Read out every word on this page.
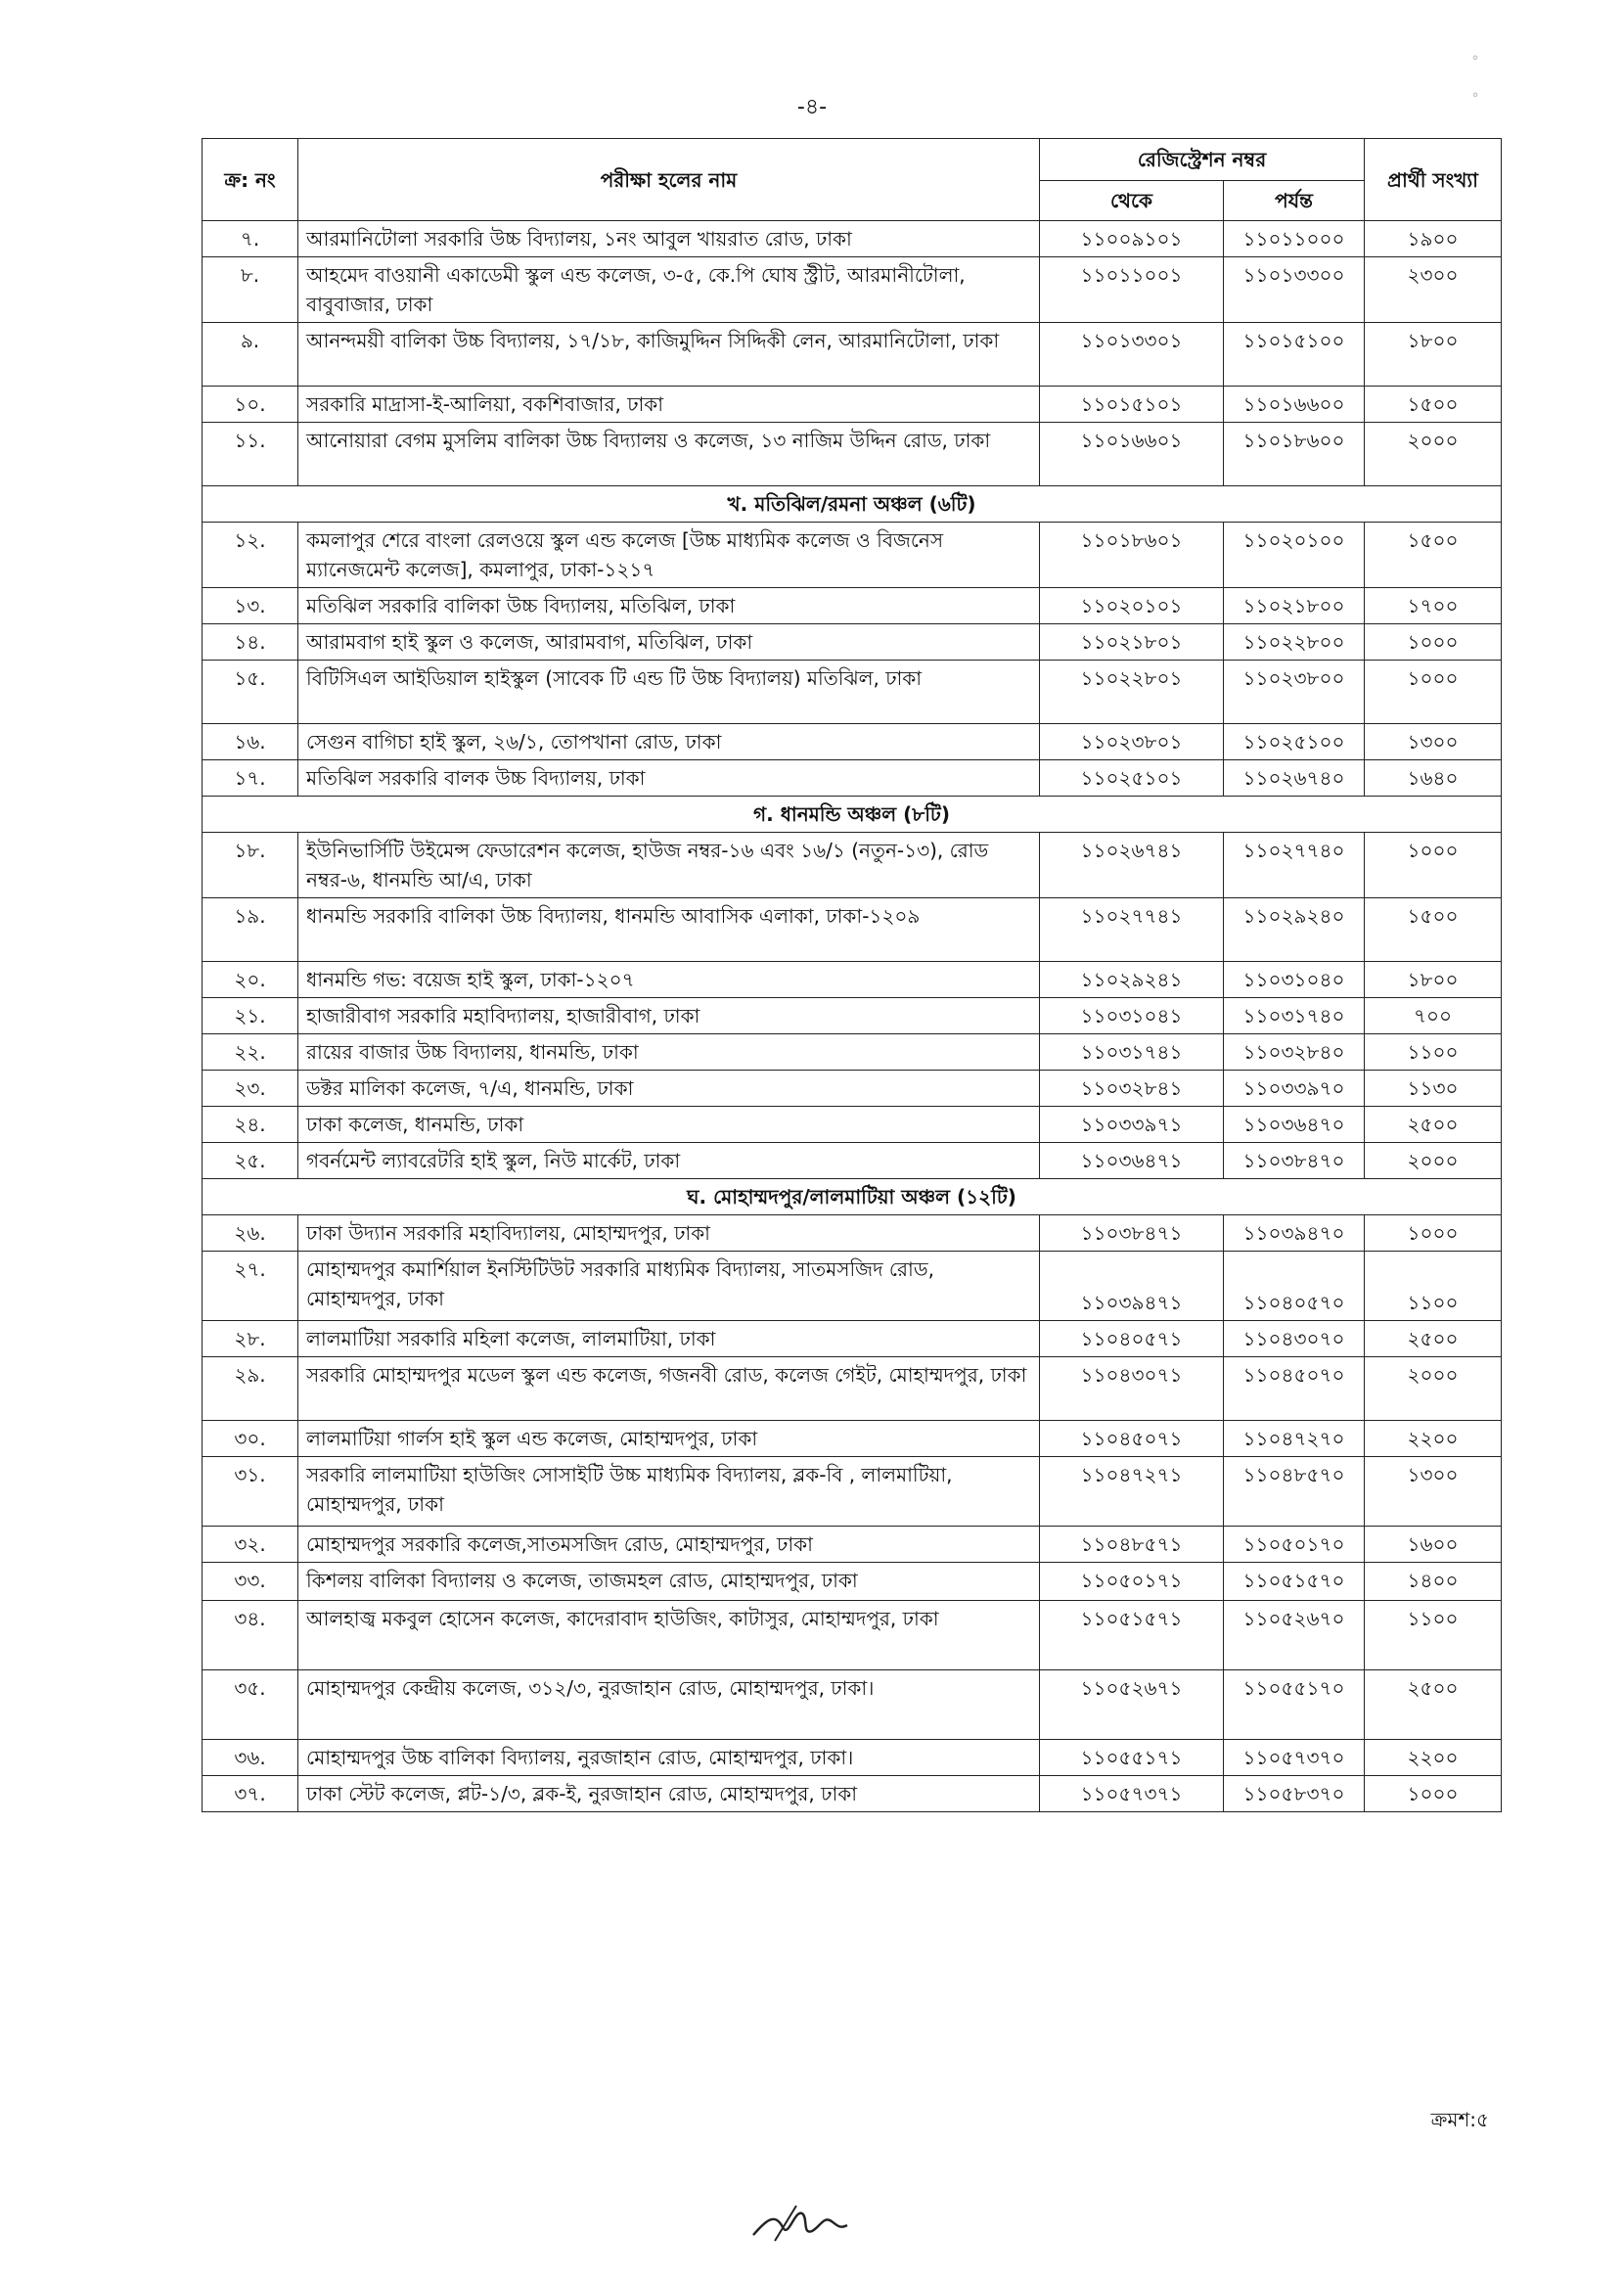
˚
˚
-৪-
ক্র: নং	পরীক্ষা হলের নাম	রেজিস্ট্রেশন নম্বর		প্রার্থী সংখ্যা
		থেকে	পর্যন্ত	
৭.	আরমানিটোলা সরকারি উচ্চ বিদ্যালয়, ১নং আবুল খায়রাত রোড, ঢাকা	১১০০৯১০১	১১০১১০০০	১৯০০
৮.	আহমেদ বাওয়ানী একাডেমী স্কুল এন্ড কলেজ, ৩-৫, কে.পি ঘোষ স্ট্রীট, আরমানীটোলা, বাবুবাজার, ঢাকা	১১০১১০০১	১১০১৩৩০০	২৩০০
৯.	আনন্দময়ী বালিকা উচ্চ বিদ্যালয়, ১৭/১৮, কাজিমুদ্দিন সিদ্দিকী লেন, আরমানিটোলা, ঢাকা	১১০১৩৩০১	১১০১৫১০০	১৮০০
১০.	সরকারি মাদ্রাসা-ই-আলিয়া, বকশিবাজার, ঢাকা	১১০১৫১০১	১১০১৬৬০০	১৫০০
১১.	আনোয়ারা বেগম মুসলিম বালিকা উচ্চ বিদ্যালয় ও কলেজ, ১৩ নাজিম উদ্দিন রোড, ঢাকা	১১০১৬৬০১	১১০১৮৬০০	২০০০
খ. মতিঝিল/রমনা অঞ্চল (৬টি)				
১২.	কমলাপুর শেরে বাংলা রেলওয়ে স্কুল এন্ড কলেজ [উচ্চ মাধ্যমিক কলেজ ও বিজনেস ম্যানেজমেন্ট কলেজ], কমলাপুর, ঢাকা-১২১৭	১১০১৮৬০১	১১০২০১০০	১৫০০
১৩.	মতিঝিল সরকারি বালিকা উচ্চ বিদ্যালয়, মতিঝিল, ঢাকা	১১০২০১০১	১১০২১৮০০	১৭০০
১৪.	আরামবাগ হাই স্কুল ও কলেজ, আরামবাগ, মতিঝিল, ঢাকা	১১০২১৮০১	১১০২২৮০০	১০০০
১৫.	বিটিসিএল আইডিয়াল হাইস্কুল (সাবেক টি এন্ড টি উচ্চ বিদ্যালয়) মতিঝিল, ঢাকা	১১০২২৮০১	১১০২৩৮০০	১০০০
১৬.	সেগুন বাগিচা হাই স্কুল, ২৬/১, তোপখানা রোড, ঢাকা	১১০২৩৮০১	১১০২৫১০০	১৩০০
১৭.	মতিঝিল সরকারি বালক উচ্চ বিদ্যালয়, ঢাকা	১১০২৫১০১	১১০২৬৭৪০	১৬৪০
গ. ধানমন্ডি অঞ্চল (৮টি)				
১৮.	ইউনিভার্সিটি উইমেন্স ফেডারেশন কলেজ, হাউজ নম্বর-১৬ এবং ১৬/১ (নতুন-১৩), রোড নম্বর-৬, ধানমন্ডি আ/এ, ঢাকা	১১০২৬৭৪১	১১০২৭৭৪০	১০০০
১৯.	ধানমন্ডি সরকারি বালিকা উচ্চ বিদ্যালয়, ধানমন্ডি আবাসিক এলাকা, ঢাকা-১২০৯	১১০২৭৭৪১	১১০২৯২৪০	১৫০০
২০.	ধানমন্ডি গভ: বয়েজ হাই স্কুল, ঢাকা-১২০৭	১১০২৯২৪১	১১০৩১০৪০	১৮০০
২১.	হাজারীবাগ সরকারি মহাবিদ্যালয়, হাজারীবাগ, ঢাকা	১১০৩১০৪১	১১০৩১৭৪০	৭০০
২২.	রায়ের বাজার উচ্চ বিদ্যালয়, ধানমন্ডি, ঢাকা	১১০৩১৭৪১	১১০৩২৮৪০	১১০০
২৩.	ডক্টর মালিকা কলেজ, ৭/এ, ধানমন্ডি, ঢাকা	১১০৩২৮৪১	১১০৩৩৯৭০	১১৩০
২৪.	ঢাকা কলেজ, ধানমন্ডি, ঢাকা	১১০৩৩৯৭১	১১০৩৬৪৭০	২৫০০
২৫.	গবর্নমেন্ট ল্যাবরেটরি হাই স্কুল, নিউ মার্কেট, ঢাকা	১১০৩৬৪৭১	১১০৩৮৪৭০	২০০০
ঘ. মোহাম্মদপুর/লালমাটিয়া অঞ্চল (১২টি)				
২৬.	ঢাকা উদ্যান সরকারি মহাবিদ্যালয়, মোহাম্মদপুর, ঢাকা	১১০৩৮৪৭১	১১০৩৯৪৭০	১০০০
২৭.	মোহাম্মদপুর কমার্শিয়াল ইনস্টিটিউট সরকারি মাধ্যমিক বিদ্যালয়, সাতমসজিদ রোড, মোহাম্মদপুর, ঢাকা	১১০৩৯৪৭১	১১০৪০৫৭০	১১০০
২৮.	লালমাটিয়া সরকারি মহিলা কলেজ, লালমাটিয়া, ঢাকা	১১০৪০৫৭১	১১০৪৩০৭০	২৫০০
২৯.	সরকারি মোহাম্মদপুর মডেল স্কুল এন্ড কলেজ, গজনবী রোড, কলেজ গেইট, মোহাম্মদপুর, ঢাকা	১১০৪৩০৭১	১১০৪৫০৭০	২০০০
৩০.	লালমাটিয়া গার্লস হাই স্কুল এন্ড কলেজ, মোহাম্মদপুর, ঢাকা	১১০৪৫০৭১	১১০৪৭২৭০	২২০০
৩১.	সরকারি লালমাটিয়া হাউজিং সোসাইটি উচ্চ মাধ্যমিক বিদ্যালয়, ব্লক-বি , লালমাটিয়া, মোহাম্মদপুর, ঢাকা	১১০৪৭২৭১	১১০৪৮৫৭০	১৩০০
৩২.	মোহাম্মদপুর সরকারি কলেজ,সাতমসজিদ রোড, মোহাম্মদপুর, ঢাকা	১১০৪৮৫৭১	১১০৫০১৭০	১৬০০
৩৩.	কিশলয় বালিকা বিদ্যালয় ও কলেজ, তাজমহল রোড, মোহাম্মদপুর, ঢাকা	১১০৫০১৭১	১১০৫১৫৭০	১৪০০
৩৪.	আলহাজ্ব মকবুল হোসেন কলেজ, কাদেরাবাদ হাউজিং, কাটাসুর, মোহাম্মদপুর, ঢাকা	১১০৫১৫৭১	১১০৫২৬৭০	১১০০
৩৫.	মোহাম্মদপুর কেন্দ্রীয় কলেজ, ৩১২/৩, নুরজাহান রোড, মোহাম্মদপুর, ঢাকা।	১১০৫২৬৭১	১১০৫৫১৭০	২৫০০
৩৬.	মোহাম্মদপুর উচ্চ বালিকা বিদ্যালয়, নুরজাহান রোড, মোহাম্মদপুর, ঢাকা।	১১০৫৫১৭১	১১০৫৭৩৭০	২২০০
৩৭.	ঢাকা স্টেট কলেজ, প্লট-১/৩, ব্লক-ই, নুরজাহান রোড, মোহাম্মদপুর, ঢাকা	১১০৫৭৩৭১	১১০৫৮৩৭০	১০০০
ক্রমশ:৫
